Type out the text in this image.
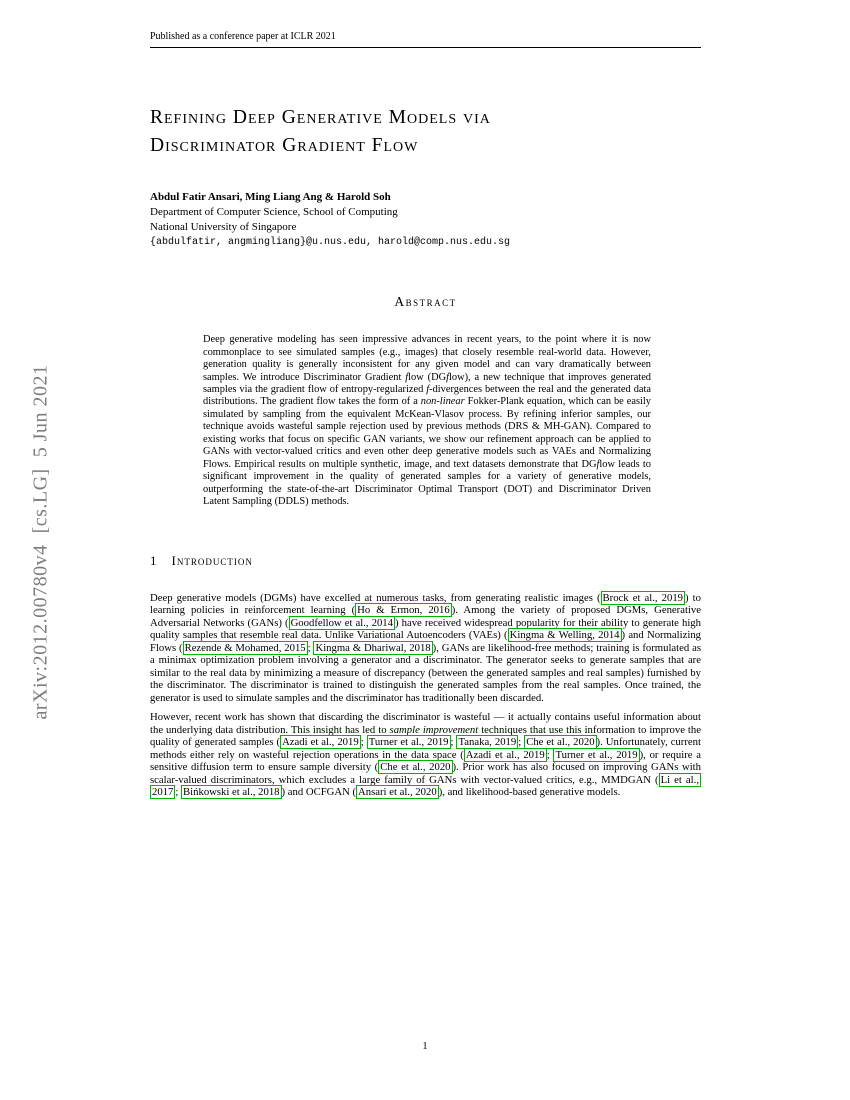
arXiv:2012.00780v4  [cs.LG]  5 Jun 2021
Published as a conference paper at ICLR 2021
Refining Deep Generative Models via
Discriminator Gradient Flow
Abdul Fatir Ansari, Ming Liang Ang & Harold Soh
Department of Computer Science, School of Computing
National University of Singapore
{abdulfatir, angmingliang}@u.nus.edu, harold@comp.nus.edu.sg
Abstract

Deep generative modeling has seen impressive advances in recent years, to the point where it is now commonplace to see simulated samples (e.g., images) that closely resemble real-world data. However, generation quality is generally inconsistent for any given model and can vary dramatically between samples. We introduce Discriminator Gradient flow (DGflow), a new technique that improves generated samples via the gradient flow of entropy-regularized f-divergences between the real and the generated data distributions. The gradient flow takes the form of a non-linear Fokker-Plank equation, which can be easily simulated by sampling from the equivalent McKean-Vlasov process. By refining inferior samples, our technique avoids wasteful sample rejection used by previous methods (DRS & MH-GAN). Compared to existing works that focus on specific GAN variants, we show our refinement approach can be applied to GANs with vector-valued critics and even other deep generative models such as VAEs and Normalizing Flows. Empirical results on multiple synthetic, image, and text datasets demonstrate that DGflow leads to significant improvement in the quality of generated samples for a variety of generative models, outperforming the state-of-the-art Discriminator Optimal Transport (DOT) and Discriminator Driven Latent Sampling (DDLS) methods.

1 Introduction

Deep generative models (DGMs) have excelled at numerous tasks, from generating realistic images ( Brock et al., 2019 ) to learning policies in reinforcement learning ( Ho & Ermon, 2016 ). Among the variety of proposed DGMs, Generative Adversarial Networks (GANs) ( Goodfellow et al., 2014 ) have received widespread popularity for their ability to generate high quality samples that resemble real data. Unlike Variational Autoencoders (VAEs) ( Kingma & Welling, 2014 ) and Normalizing Flows ( Rezende & Mohamed, 2015 ; Kingma & Dhariwal, 2018 ), GANs are likelihood-free methods; training is formulated as a minimax optimization problem involving a generator and a discriminator. The generator seeks to generate samples that are similar to the real data by minimizing a measure of discrepancy (between the generated samples and real samples) furnished by the discriminator. The discriminator is trained to distinguish the generated samples from the real samples. Once trained, the generator is used to simulate samples and the discriminator has traditionally been discarded.

However, recent work has shown that discarding the discriminator is wasteful — it actually contains useful information about the underlying data distribution. This insight has led to sample improvement techniques that use this information to improve the quality of generated samples ( Azadi et al., 2019 ; Turner et al., 2019 ; Tanaka, 2019 ; Che et al., 2020 ). Unfortunately, current methods either rely on wasteful rejection operations in the data space ( Azadi et al., 2019 ; Turner et al., 2019 ), or require a sensitive diffusion term to ensure sample diversity ( Che et al., 2020 ). Prior work has also focused on improving GANs with scalar-valued discriminators, which excludes a large family of GANs with vector-valued critics, e.g., MMDGAN ( Li et al., 2017 ; Bińkowski et al., 2018 ) and OCFGAN ( Ansari et al., 2020 ), and likelihood-based generative models.

1
